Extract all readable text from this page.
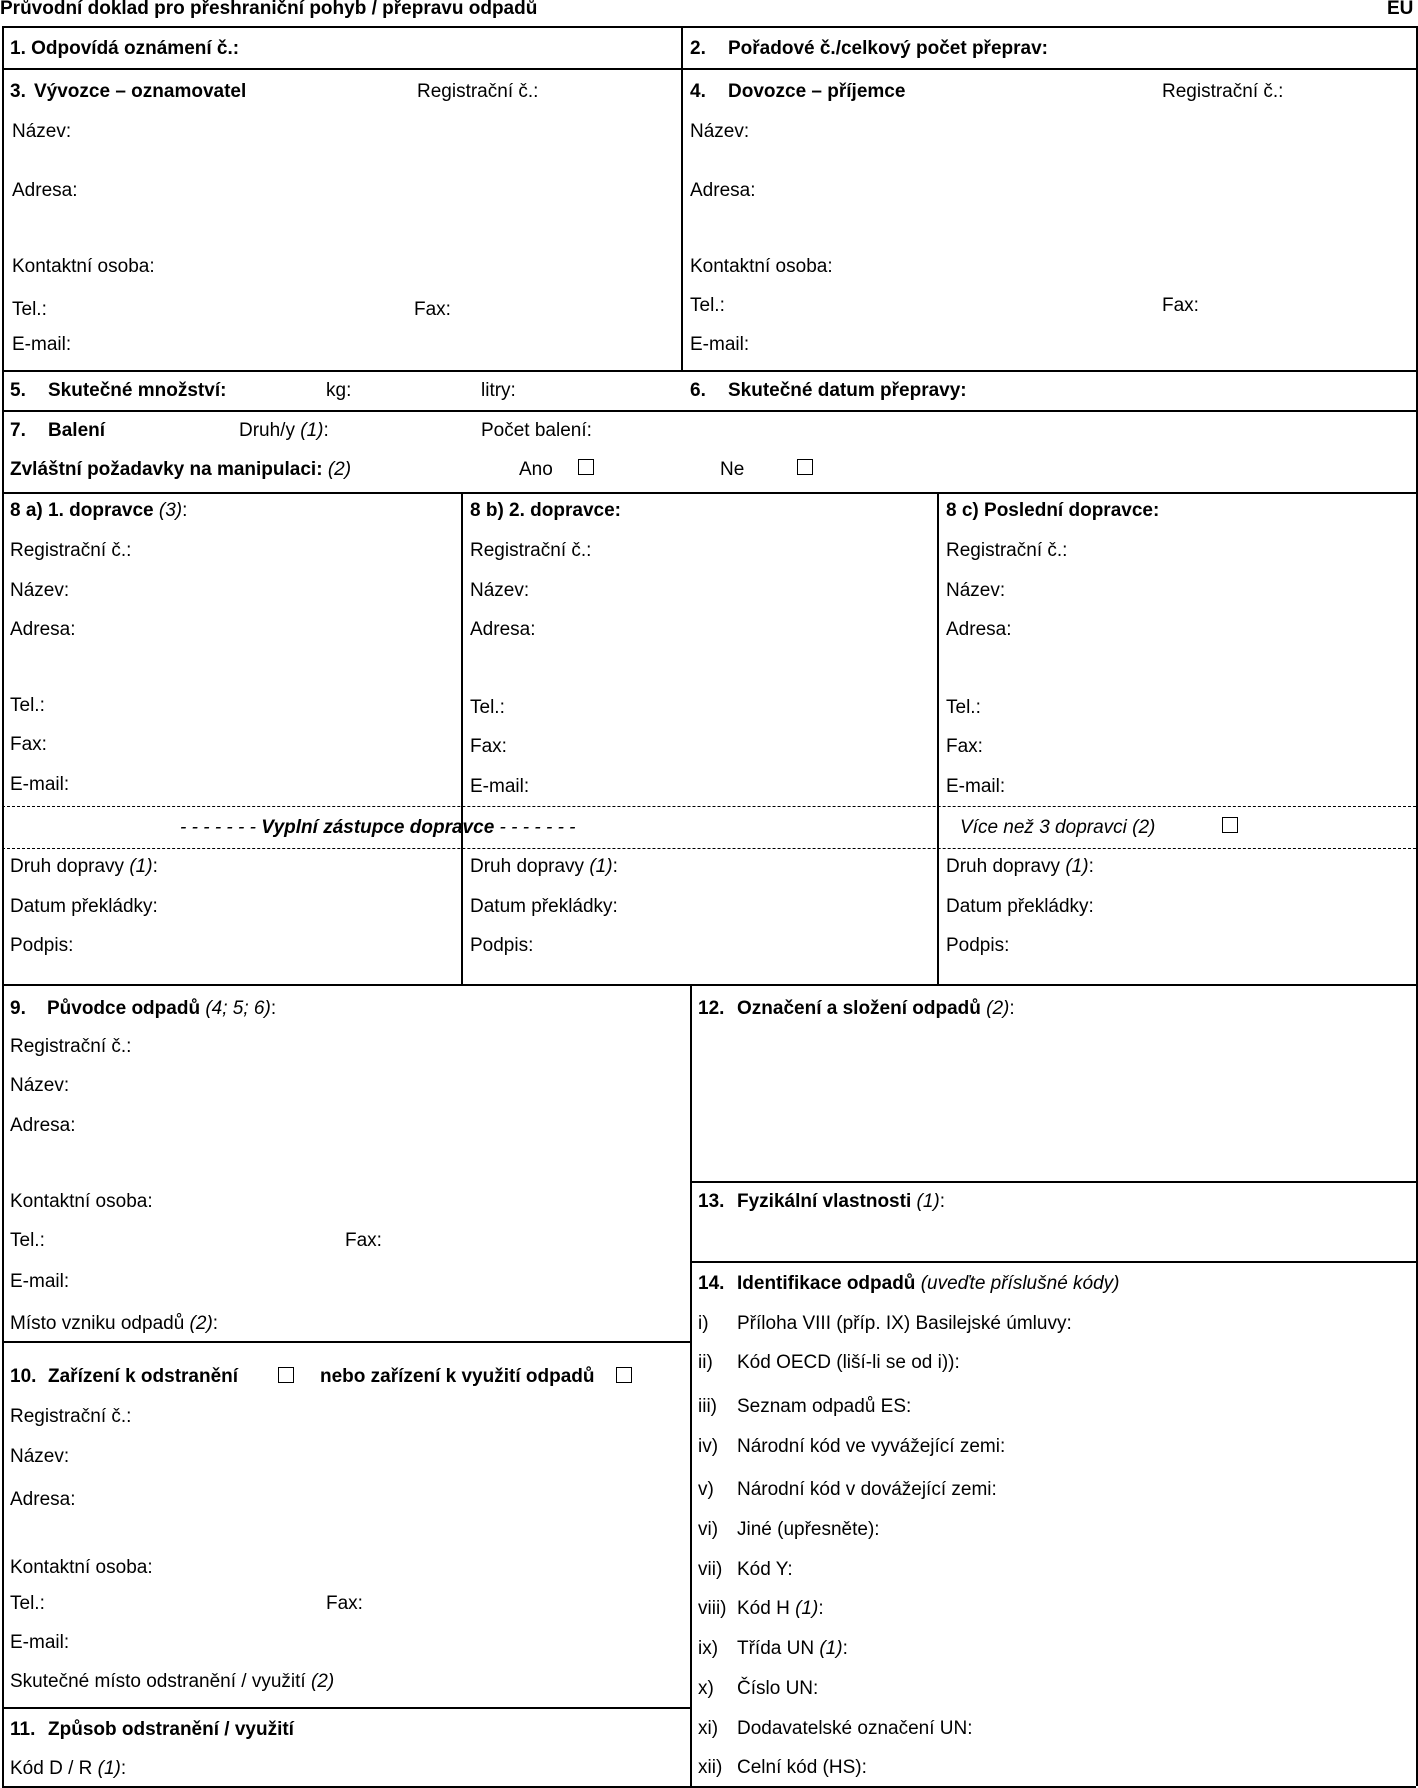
Průvodní doklad pro přeshraniční pohyb / přepravu odpadů	EU
1. Odpovídá oznámení č.:	2. Pořadové č./celkový počet přeprav:
3. Vývozce – oznamovatel	Registrační č.:
Název:
Adresa:
Kontaktní osoba:
Tel.:	Fax:
E-mail:
4. Dovozce – příjemce	Registrační č.:
Název:
Adresa:
Kontaktní osoba:
Tel.:	Fax:
E-mail:
5. Skutečné množství:	kg:	litry:	6. Skutečné datum přepravy:
7. Balení	Druh/y (1):	Počet balení:
Zvláštní požadavky na manipulaci: (2)	Ano	Ne
8 a) 1. dopravce (3):
Registrační č.:
Název:
Adresa:
Tel.:
Fax:
E-mail:
8 b) 2. dopravce:
Registrační č.:
Název:
Adresa:
Tel.:
Fax:
E-mail:
8 c) Poslední dopravce:
Registrační č.:
Název:
Adresa:
Tel.:
Fax:
E-mail:
- - - - - - - Vyplní zástupce dopravce - - - - - - -	Více než 3 dopravci (2)
Druh dopravy (1):
Datum překládky:
Podpis:
Druh dopravy (1):
Datum překládky:
Podpis:
Druh dopravy (1):
Datum překládky:
Podpis:
9. Původce odpadů (4; 5; 6):
Registrační č.:
Název:
Adresa:
Kontaktní osoba:
Tel.:	Fax:
E-mail:
Místo vzniku odpadů (2):
10. Zařízení k odstranění	nebo zařízení k využití odpadů
Registrační č.:
Název:
Adresa:
Kontaktní osoba:
Tel.:	Fax:
E-mail:
Skutečné místo odstranění / využití (2)
11. Způsob odstranění / využití
Kód D / R (1):
12. Označení a složení odpadů (2):
13. Fyzikální vlastnosti (1):
14. Identifikace odpadů (uveďte příslušné kódy)
i) Příloha VIII (příp. IX) Basilejské úmluvy:
ii) Kód OECD (liší-li se od i)):
iii) Seznam odpadů ES:
iv) Národní kód ve vyvážející zemi:
v) Národní kód v dovážející zemi:
vi) Jiné (upřesněte):
vii) Kód Y:
viii) Kód H (1):
ix) Třída UN (1):
x) Číslo UN:
xi) Dodavatelské označení UN:
xii) Celní kód (HS):
